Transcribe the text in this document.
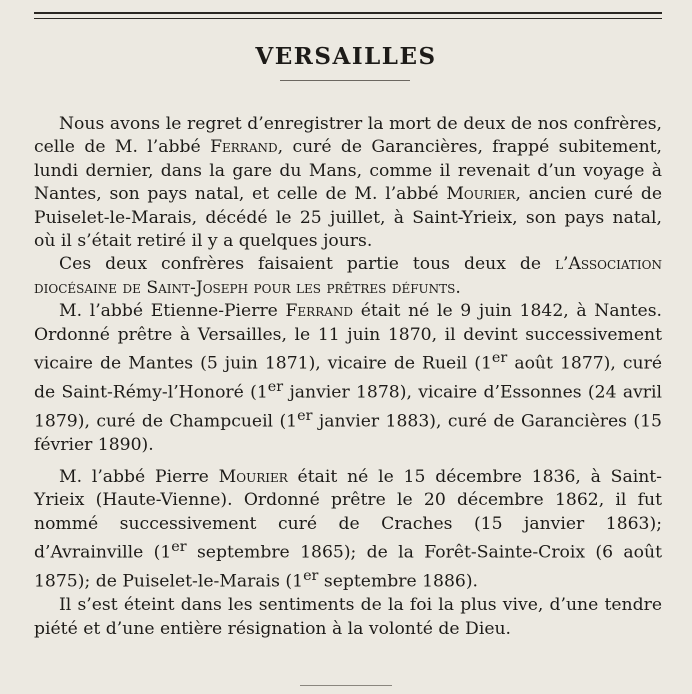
VERSAILLES

Nous avons le regret d’enregistrer la mort de deux de nos confrères, celle de M. l’abbé Ferrand, curé de Garancières, frappé subitement, lundi dernier, dans la gare du Mans, comme il revenait d’un voyage à Nantes, son pays natal, et celle de M. l’abbé Mourier, ancien curé de Puiselet-le-Marais, décédé le 25 juillet, à Saint-Yrieix, son pays natal, où il s’était retiré il y a quelques jours.

Ces deux confrères faisaient partie tous deux de l’Association diocésaine de Saint-Joseph pour les prêtres défunts.

M. l’abbé Etienne-Pierre Ferrand était né le 9 juin 1842, à Nantes. Ordonné prêtre à Versailles, le 11 juin 1870, il devint successivement vicaire de Mantes (5 juin 1871), vicaire de Rueil (1er août 1877), curé de Saint-Rémy-l’Honoré (1er janvier 1878), vicaire d’Essonnes (24 avril 1879), curé de Champcueil (1er janvier 1883), curé de Garancières (15 février 1890).

M. l’abbé Pierre Mourier était né le 15 décembre 1836, à Saint-Yrieix (Haute-Vienne). Ordonné prêtre le 20 décembre 1862, il fut nommé successivement curé de Craches (15 janvier 1863); d’Avrainville (1er septembre 1865); de la Forêt-Sainte-Croix (6 août 1875); de Puiselet-le-Marais (1er septembre 1886).

Il s’est éteint dans les sentiments de la foi la plus vive, d’une tendre piété et d’une entière résignation à la volonté de Dieu.
